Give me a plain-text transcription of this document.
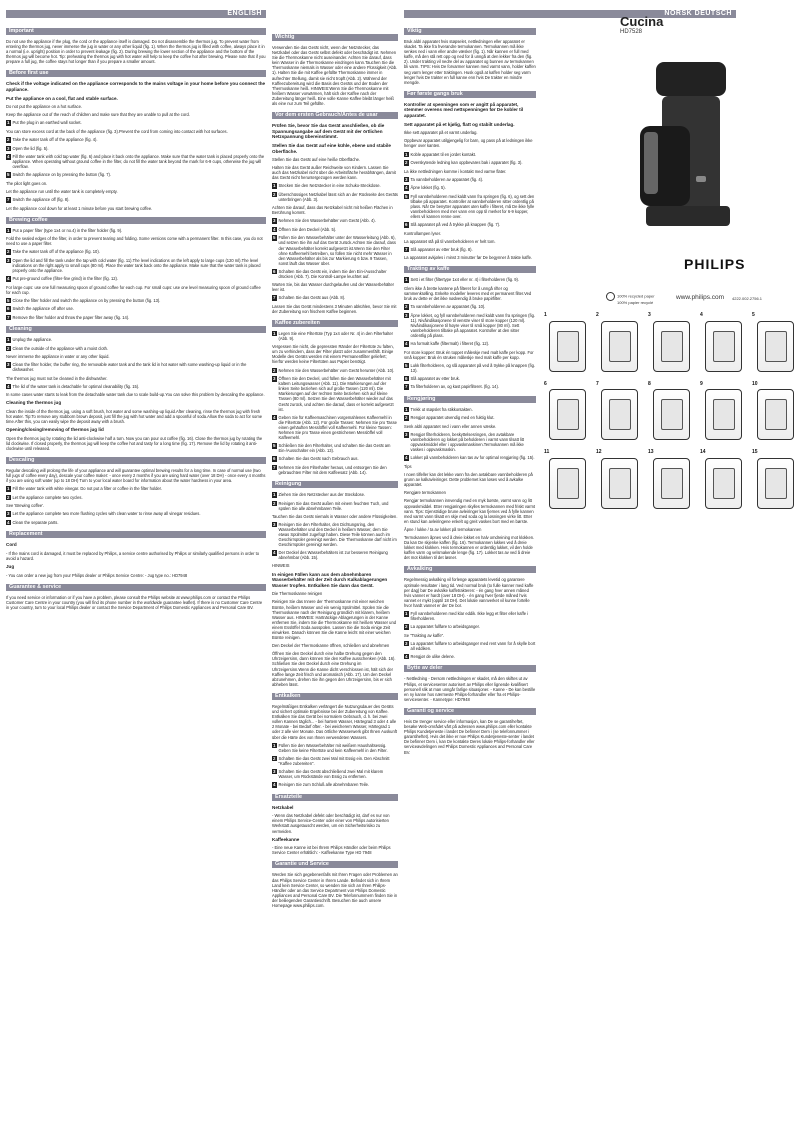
ENGLISH
Important

Do not use the appliance if the plug, the cord or the appliance itself is damaged. Do not disassemble the thermos jug. To prevent water from entering the thermos jug, never immerse the jug in water or any other liquid (fig. 1). When the thermos jug is filled with coffee, always place it in a normal (i.e. upright) position in order to prevent leakage (fig. 2). During brewing the lower section of the appliance and the bottom of the thermos jug will become hot. Tip: preheating the thermos jug with hot water will help to keep the coffee hot after brewing. Please note that if you prepare a full jug, the coffee stays hot longer than if you prepare a smaller amount.

Before first use

Check if the voltage indicated on the appliance corresponds to the mains voltage in your home before you connect the appliance.

Put the appliance on a cool, flat and stable surface.

Do not put the appliance on a hot surface.

Keep the appliance out of the reach of children and make sure that they are unable to pull at the cord.

1 Put the plug in an earthed wall socket.

You can store excess cord at the back of the appliance (fig. 3).Prevent the cord from coming into contact with hot surfaces.

2 Take the water tank off of the appliance (fig. 4).
3 Open the lid (fig. 5).
4 Fill the water tank with cold tap water (fig. 6) and place it back onto the appliance. Make sure that the water tank is placed properly onto the appliance. When operating without ground coffee in the filter, do not fill the water tank beyond the mark for 6-9 cups, otherwise the jug will overflow.
5 Switch the appliance on by pressing the button (fig. 7).

The pilot light goes on.

Let the appliance run until the water tank is completely empty.

7 Switch the appliance off (fig. 8).

Let the appliance cool down for at least 1 minute before you start brewing coffee.

Brewing coffee
1 Put a paper filter (type 1x4 or no.4) in the filter holder (fig. 9).

Fold the sealed edges of the filter, in order to prevent tearing and folding. Some versions come with a permanent filter. In this case, you do not need to use a paper filter.

2 Take the water tank off of the appliance (fig. 10).
3 Open the lid and fill the tank under the tap with cold water (fig. 11).The level indications on the left apply to large cups (120 ml).The level indications on the right apply to small cups (80 ml). Place the water tank back onto the appliance. Make sure that the water tank is placed properly onto the appliance.
4 Put pre-ground coffee (filter-fine grind) in the filter (fig. 12).

For large cups: use one full measuring spoon of ground coffee for each cup. For small cups: use one level measuring spoon of ground coffee for each cup.

5 Close the filter holder and switch the appliance on by pressing the button (fig. 13).
6 Switch the appliance off after use.
7 Remove the filter holder and throw the paper filter away (fig. 14).
Cleaning
1 Unplug the appliance.
2 Clean the outside of the appliance with a moist cloth.

Never immerse the appliance in water or any other liquid.

3 Clean the filter holder, the buffer ring, the removable water tank and the tank lid in hot water with some washing-up liquid or in the dishwasher.

The thermos jug must not be cleaned in the dishwasher.

4 The lid of the water tank is detachable for optimal cleanability (fig. 15).

In some cases water starts to leak from the detachable water tank due to scale build-up.You can solve this problem by descaling the appliance.

Cleaning the thermos jug

Clean the inside of the thermos jug, using a soft brush, hot water and some washing-up liquid.After cleaning, rinse the thermos jug with fresh hot water. Tip:To remove any stubborn brown deposit, just fill the jug with hot water and add a spoonful of soda.Allow the soda to act for some time.After this, you can easily wipe the deposit away with a brush.

Opening/closing/removing of thermos jug lid

Open the thermos jug by rotating the lid anti-clockwise half a turn. Now you can pour out coffee (fig. 16). Close the thermos jug by rotating the lid clockwise. If closed properly, the thermos jug will keep the coffee hot and tasty for a long time (fig. 17). Remove the lid by rotating it anti-clockwise until released.

Descaling

Regular descaling will prolong the life of your appliance and will guarantee optimal brewing results for a long time. In case of normal use (two full jugs of coffee every day), descale your coffee maker: - once every 2 months if you are using hard water (over 18 DH) - once every 4 months if you are using soft water (up to 18 DH) Turn to your local water board for information about the water hardness in your area.

1 Fill the water tank with white vinegar. Do not put a filter or coffee in the filter holder.
2 Let the appliance complete two cycles.

See 'Brewing coffee'.

3 Let the appliance complete two more flushing cycles with clean water to rinse away all vinegar residues.
4 Clean the separate parts.
Replacement

Cord

- If the mains cord is damaged, it must be replaced by Philips, a service centre authorised by Philips or similarly qualified persons in order to avoid a hazard.

Jug

- You can order a new jug from your Philips dealer or Philips Service Centre: - Jug type no.: HD7948

Guarantee & service

If you need service or information or if you have a problem, please consult the Philips website at www.philips.com or contact the Philips Customer Care Centre in your country (you will find its phone number in the worldwide guarantee leaflet). If there is no Customer Care Centre in your country, turn to your local Philips dealer or contact the Service Department of Philips Domestic Appliances and Personal Care BV.

Wichtig

Verwenden Sie das Gerät nicht, wenn der Netzstecker, das Netzkabel oder das Gerät selbst defekt oder beschädigt ist. Nehmen Sie die Thermoskanne nicht auseinander. Achten Sie darauf, dass kein Wasser in die Thermoskanne eindringen kann.Tauchen Sie die Thermoskanne niemals in Wasser oder eine andere Flüssigkeit (Abb. 1). Halten Sie die mit Kaffee gefüllte Thermoskanne immer in aufrechter Stellung, damit sie nicht tropft (Abb. 2). Während der Kaffeezubereitung wird die Basis des Geräts und der Boden der Thermoskanne heiß. HINWEIS:Wenn Sie die Thermoskanne mit heißem Wasser vorwärmen, hält sich der Kaffee nach der Zubereitung länger heiß. Eine volle Kanne Kaffee bleibt länger heiß als eine nur zum Teil gefüllte.

Vor dem ersten Gebrauch/Antes de usar

Prüfen Sie, bevor Sie das Gerät anschließen, ob die Spannungsangabe auf dem Gerät mit der örtlichen Netzspannung übereinstimmt.

Stellen Sie das Gerät auf eine kühle, ebene und stabile Oberfläche.

Stellen Sie das Gerät auf eine heiße Oberfläche.

Halten Sie das Gerät außer Reichweite von Kindern. Lassen Sie auch das Netzkabel nicht über die Arbeitsfläche herabhängen, damit das Gerät nicht heruntergezogen werden kann.

1 Stecken Sie den Netzstecker in eine Schuko-Steckdose.
2 Überschüssiges Netzkabel lässt sich an der Rückseite des Geräts unterbringen (Abb. 3).

Achten Sie darauf, dass das Netzkabel nicht mit heißen Flächen in Berührung kommt.

3 Nehmen Sie den Wasserbehälter vom Gerät (Abb. 4).
4 Öffnen Sie den Deckel (Abb. 5).
5 Füllen Sie den Wasserbehälter unter der Wasserleitung (Abb. 6), und setzen Sie ihn auf das Gerät zurück.Achten Sie darauf, dass der Wasserbehälter korrekt aufgesetzt ist.Wenn Sie den Filter ohne Kaffeemehl betreiben, so füllen Sie nicht mehr Wasser in den Wasserbehälter als bis zur Markierung 6 bzw. 9 Tassen, sonst läuft das Wasser über.
6 Schalten Sie das Gerät ein, indem Sie den Ein-/Ausschalter drücken (Abb. 7). Die Kontroll-Lampe leuchtet auf.

Warten Sie, bis das Wasser durchgelaufen und der Wasserbehälter leer ist.

7 Schalten Sie das Gerät aus (Abb. 8).

Lassen Sie das Gerät mindestens 3 Minuten abkühlen, bevor Sie mit der Zubereitung von frischem Kaffee beginnen.

Kaffee zubereiten
1 Legen Sie eine Filtertüte (Typ 1x4 oder Nr. 4) in den Filterhalter (Abb. 9).

Vergessen Sie nicht, die gepressten Ränder der Filtertüte zu falten, um zu verhindern, dass der Filter platzt oder zusammenfällt. Einige Modelle des Geräts werden mit einem Permanentfilter geliefert; hierfür werden keine Filtertüten aus Papier benötigt.

2 Nehmen Sie den Wasserbehälter vom Gerät herunter (Abb. 10).
3 Öffnen Sie den Deckel, und füllen Sie den Wasserbehälter mit kaltem Leitungswasser (Abb. 11). Die Markierungen auf der linken Seite beziehen sich auf große Tassen (120 ml). Die Markierungen auf der rechten Seite beziehen sich auf kleine Tassen (80 ml). Setzen Sie den Wasserbehälter wieder auf das Gerät zurück, und achten Sie darauf, dass er korrekt aufgesetzt ist.
4 Geben Sie für Kaffeemaschinen vorgemahlenes Kaffeemehl in die Filtertüte (Abb. 12). Für große Tassen: Nehmen Sie pro Tasse einen gehäuften Messlöffel voll Kaffeemehl. Für kleine Tassen: Nehmen Sie pro Tasse einen gestrichenen Messlöffel voll Kaffeemehl.
5 Schließen Sie den Filterhalter, und schalten Sie das Gerät am Ein-/Ausschalter ein (Abb. 13).
6 Schalten Sie das Gerät nach Gebrauch aus.
7 Nehmen Sie den Filterhalter heraus, und entsorgen Sie den gebrauchten Filter mit dem Kaffeesatz (Abb. 14).
Reinigung
1 Ziehen Sie den Netzstecker aus der Steckdose.
2 Reinigen Sie das Gerät außen mit einem feuchten Tuch, und spülen Sie alle abnehmbaren Teile.

Tauchen Sie das Gerät niemals in Wasser oder andere Flüssigkeiten.

3 Reinigen Sie den Filterhalter, den Dichtungsring, den Wasserbehälter und den Deckel in heißem Wasser, dem Sie etwas Spülmittel zugefügt haben. Diese Teile können auch im Geschirrspüler gereinigt werden. Die Thermoskanne darf nicht im Geschirrspüler gereinigt werden.
4 Der Deckel des Wasserbehälters ist zur besseren Reinigung abnehmbar (Abb. 15).

HINWEIS

In einigen Fällen kann aus dem abnehmbaren Wasserbehälter mit der Zeit durch Kalkablagerungen Wasser tropfen. Entkalken Sie dann das Gerät.

Die Thermoskanne reinigen

Reinigen Sie das Innere der Thermoskanne mit einer weichen Bürste, heißem Wasser und ein wenig Spülmittel. Spülen Sie die Thermoskanne nach der Reinigung gründlich mit klarem, heißem Wasser aus. HINWEIS: Hartnäckige Ablagerungen in der Kanne entfernen Sie, indem Sie die Thermoskanne mit heißem Wasser und einem Esslöffel Soda ausspülen. Lassen Sie die Soda einige Zeit einwirken. Danach können Sie die Kanne leicht mit einer weichen Bürste reinigen.

Den Deckel der Thermoskanne öffnen, schließen und abnehmen

Öffnen Sie den Deckel durch eine halbe Drehung gegen den Uhrzeigersinn, dann können Sie den Kaffee ausschenken (Abb. 16). Schließen Sie den Deckel durch eine Drehung im Uhrzeigersinn.Wenn die Kanne dicht verschlossen ist, hält sich der Kaffee lange Zeit frisch und aromatisch (Abb. 17). Um den Deckel abzunehmen, drehen Sie ihn gegen den Uhrzeigersinn, bis er sich abheben lässt.

Entkalken

Regelmäßiges Entkalken verlängert die Nutzungsdauer des Geräts und sichert optimale Ergebnisse bei der Zubereitung von Kaffee. Entkalken Sie das Gerät bei normalem Gebrauch, d. h. bei zwei vollen Kannen täglich... - bei hartem Wasser, Härtegrad 3 oder 4 alle 2 Monate - bei Bedarf öfter. - bei weicherem Wasser, Härtegrad 1 oder 2 alle vier Monate. Das örtliche Wasserwerk gibt Ihnen Auskunft über die Härte des von Ihnen verwendeten Wassers.

1 Füllen Sie den Wasserbehälter mit weißem Haushaltsessig. Geben Sie keine Filtertüte und kein Kaffeemehl in den Filter.
2 Schalten Sie das Gerät zwei Mal mit Essig ein. Den Abschnitt "Kaffee zubereiten".
3 Schalten Sie das Gerät abschließend zwei Mal mit klarem Wasser, um Rückstände von Essig zu entfernen.
4 Reinigen Sie zum Schluß alle abnehmbaren Teile.
Ersatzteile

Netzkabel

- Wenn das Netzkabel defekt oder beschädigt ist, darf es nur von einem Philips Service-Center oder einer von Philips autorisierten Werkstatt ausgetauscht werden, um ein Sicherheitsrisiko zu vermeiden.

Kaffeekanne

- Eine neue Kanne ist bei Ihrem Philips Händler oder beim Philips Service Center erhältlich: - Kaffeekanne Type HD 7948

Garantie und Service

Werden Sie sich gegebenenfalls mit Ihren Fragen oder Problemen an das Philips Service Center in Ihrem Lande. Befindet sich in Ihrem Land kein Service Center, so wenden Sie sich an Ihren Philips-Händler oder an das Service Department von Philips Domestic Appliances and Personal Care BV. Die Telefonnummern finden Sie in der beiliegenden Garantieschrift. Besuchen Sie auch unsere Homepage www.philips.com.

NORSK DEUTSCH
Viktig

Bruk aldri apparatet hvis støpselet, nettledningen eller apparatet er skadet. Ta ikke fra hverandre termokannen. Termokannen må ikke senkes ned i vann eller andre væsker (fig. 1). Når kannen er full med kaffe, må den stå rett opp og ned for å unngå at den lekker fra den (fig. 2). Under trakting vil nedre del av apparatet og bunnen av termokannen bli varm. TIPS: Hvis De forvarmer kannen med varmt vann, holder kaffen seg varm lenger etter traktingen. Husk også at kaffen holder seg varm lenger hvis De trakter en full kanne enn hvis De trakter en mindre mengde.

Før første gangs bruk

Kontroller at spenningen som er angitt på apparatet, stemmer overens med nettspenningen før De kobler til apparatet.

Sett apparatet på et kjølig, flatt og stabilt underlag.

Ikke sett apparatet på et varmt underlag.

Oppbevar apparatet utilgjengelig for barn, og pass på at ledningen ikke henger over kanten.

1 Koble apparatet til en jordet kontakt.
2 Overskytende ledning kan oppbevares bak i apparatet (fig. 3).

La ikke nettledningen komme i kontakt med varme flater.

3 Ta vannbeholderen av apparatet (fig. 4).
4 Åpne lokket (fig. 5).
5 Fyll vannbeholderen med kaldt vann fra springen (fig. 6), og sett den tilbake på apparatet. Kontroller at vannbeholderen sitter ordentlig på plass. Når De benytter apparatet uten kaffe i filteret, må De ikke fylle vannbeholderen med mer vann enn opp til merket for 6-9 kopper, ellers vil kannen renne over.
6 Slå apparatet på ved å trykke på knappen (fig. 7).

Kontrollampen lyser.

La apparatet stå på til vannbeholderen er helt tom.

7 Slå apparatet av etter bruk (fig. 8).

La apparatet avkjøles i minst 3 minutter før De begynner å trakte kaffe.

Trakting av kaffe
1 Sett i et filter (filtertype 1x4 eller nr. 4) i filterholderen (fig. 9).

Glem ikke å brette kantene på filteret for å unngå rifter og sammenkrølling. Enkelte modeller leveres med et permanent filter.Ved bruk av dette er det ikke nødvendig å bruke papirfilter.

2 Ta vannbeholderen av apparatet (fig. 10).
3 Åpne lokket, og fyll vannbeholderen med kaldt vann fra springen (fig. 11). Nivåindikasjonene til venstre viser til store kopper (120 ml). Nivåindikasjonene til høyre viser til små kopper (80 ml). Sett vannbeholderen tilbake på apparatet. Kontroller at den sitter ordentlig på plass.
4 Ha formalt kaffe (filtermalt) i filteret (fig. 12).

For store kopper: Bruk én toppet måleskje med malt kaffe per kopp. For små kopper: Bruk én struken måleskje med malt kaffe per kopp.

5 Lukk filterholderen, og slå apparatet på ved å trykke på knappen (fig. 13).
6 Slå apparatet av etter bruk.
7 Ta filterholderen av, og kast papirfilteret. (fig. 14).
Rengjøring
1 Trekk ut støpslet fra stikkontakten.
2 Rengjør apparatet utvendig med en fuktig klut.

Senk aldri apparatet ned i vann eller annen væske.

3 Rengjør filterholderen, beskyttelsesringen, den avtakbare vannbeholderen og lokket på beholderen i varmt vann tilsatt litt oppvaskmiddel eller i oppvaskmaskinen.Termokannen må ikke vaskes i oppvaskmaskin.
4 Lokket på vannbeholderen kan tas av for optimal rengjøring (fig. 15).

Tips

I noen tilfeller kan det lekke vann fra den avtakbare vannbeholderen på grunn av kalkavleiringer. Dette problemet kan løses ved å avkalke apparatet.

Rengjøre termokannen

Rengjør termokannen innvendig med en myk børste, varmt vann og litt oppvaskmiddel. Etter rengjøringen skylles termokannen med friskt varmt vann. Tips: Gjenstridige brune avleiringer kan fjernes ved å fylle kannen med varmt vann tilsatt en skje med soda og la løsningen virke litt. Etter en stund kan avleiringene enkelt og greit vaskes bort med en børste.

Åpne / lukke / ta av lokket på termokannen

Termokannen åpnes ved å dreie lokket en halv omdreining mot klokken. Da kan De skjenke kaffen (fig. 16). Termokannen lukkes ved å dreie lokket med klokken. Hvis termokannen er ordentlig lukket, vil den holde kaffen varm og velsmakende lenge (fig. 17). Lokket tas av ved å dreie det mot klokken til det løsner.

Avkalking

Regelmessig avkalking vil forlenge apparatets levetid og garantere optimale resultater i lang tid. Ved normal bruk (to fulle kanner med kaffe per dag) bør De avkalke kaffetrakteren: - én gang hver annen måned hvis vannet er hardt (over 18 DH). - én gang hver fjerde måned hvis vannet er mykt (opptil 18 DH). Det lokale vannverket vil kunne fortelle hvor hardt vannet er der De bor.

1 Fyll vannbeholderen med klar eddik. Ikke legg et filter eller kaffe i filterholderen.
2 La apparatet fullføre to arbeidsganger.

Se "Trakting av kaffe".

3 La apparatet fullføre to arbeidsganger med rent vann for å skylle bort all eddiken.
4 Rengjør de ulike delene.
Bytte av deler

- Nettledning - Dersom nettledningen er skadet, må den skiftes ut av Philips, et servicesenter autorisert av Philips eller lignende kvalifisert personell slik at man unngår farlige situasjoner. - Kanne - De kan bestille en ny kanne hos nærmeste Philips-forhandler eller fra et Philips-servicesenter. - Kannetype: HD7948

Garanti og service

Hvis De trenger service eller informasjon, kan De se garantiheftet, besøke Web-området vårt på adressen www.philips.com eller kontakte Philips Kundetjeneste i landet De befinner Dem i (se telefonnummer i garantiheftet). Hvis det ikke er noe Philips Kundetjeneste-senter i landet De befinner Dem i, kan De kontakte Deres lokale Philips-forhandler eller serviceavdelingen ved Philips Domestic Appliances and Personal Care BV.

Cucina
HD7528
PHILIPS
100% recycled paper
100% papier recyclé
www.philips.com 4222.002.2756.1
1	2	3	4	5
6	7	8	9	10
11	12	13	14	15
